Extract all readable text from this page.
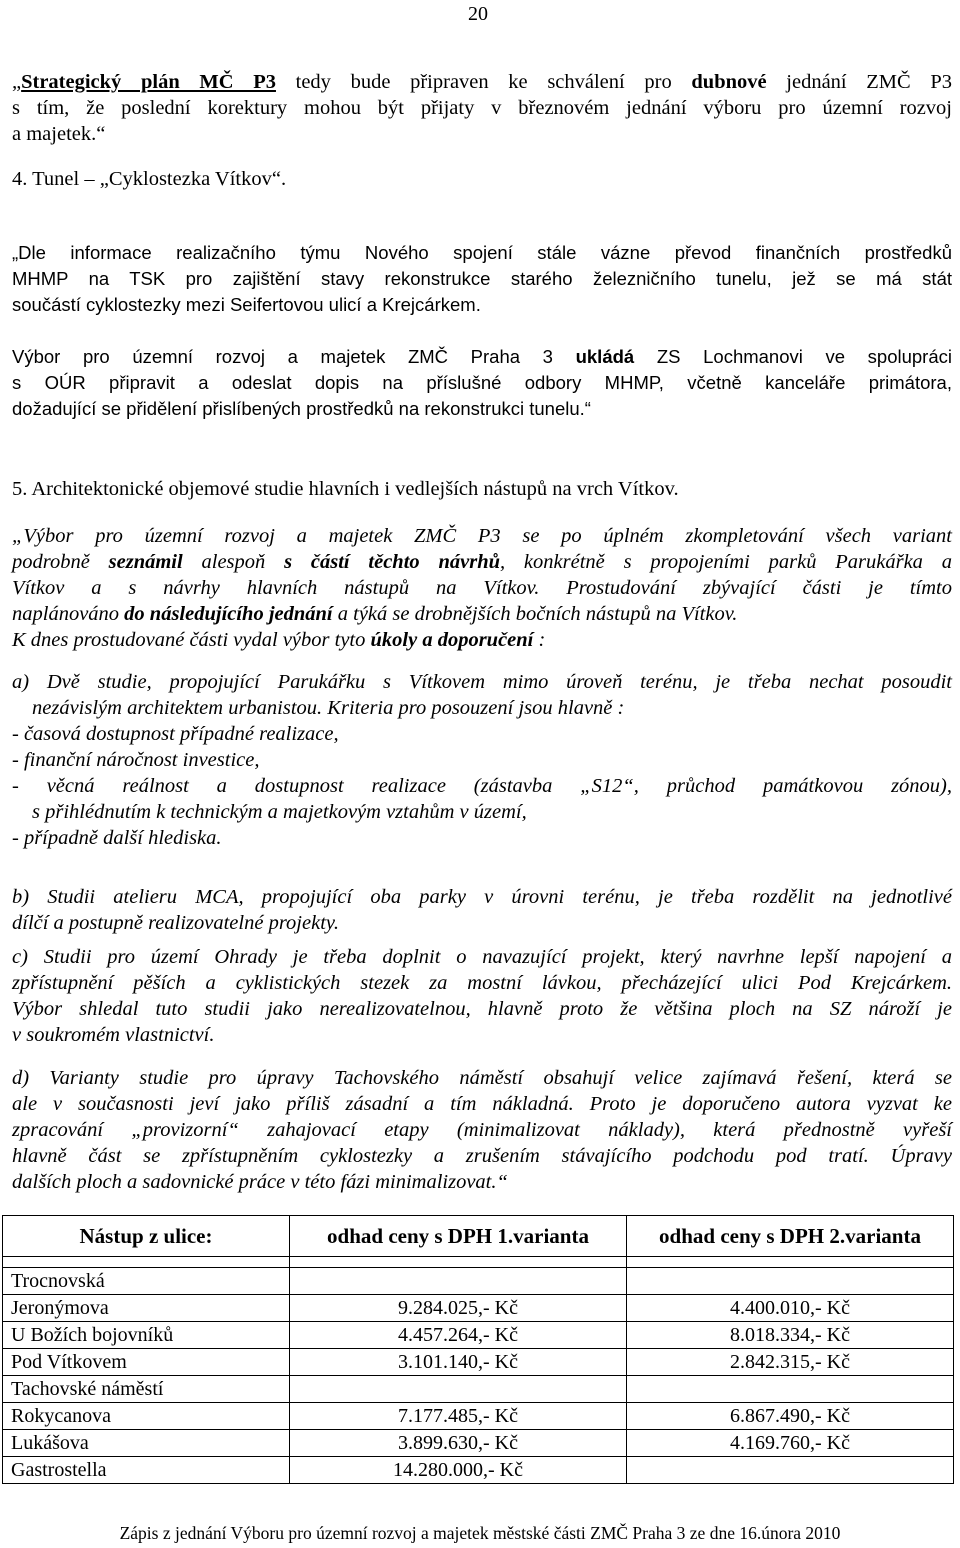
20

„Strategický plán MČ P3 tedy bude připraven ke schválení pro dubnové jednání ZMČ P3

s tím, že poslední korektury mohou být přijaty v březnovém jednání výboru pro územní rozvoj

a majetek.“

4. Tunel – „Cyklostezka Vítkov“.

„Dle informace realizačního týmu Nového spojení stále vázne převod finančních prostředků

MHMP na TSK pro zajištění stavy rekonstrukce starého železničního tunelu, jež se má stát

součástí cyklostezky mezi Seifertovou ulicí a Krejcárkem.

Výbor pro územní rozvoj a majetek ZMČ Praha 3 ukládá ZS Lochmanovi ve spolupráci

s OÚR připravit a odeslat dopis na příslušné odbory MHMP, včetně kanceláře primátora,

dožadující se přidělení přislíbených prostředků na rekonstrukci tunelu.“

5. Architektonické objemové studie hlavních i vedlejších nástupů na vrch Vítkov.

„Výbor pro územní rozvoj a majetek ZMČ P3 se po úplném zkompletování všech variant

podrobně seznámil alespoň s částí těchto návrhů, konkrétně s propojeními parků Parukářka a

Vítkov a s návrhy hlavních nástupů na Vítkov. Prostudování zbývající části je tímto

naplánováno do následujícího jednání a týká se drobnějších bočních nástupů na Vítkov.

K dnes prostudované části vydal výbor tyto úkoly a doporučení :

a) Dvě studie, propojující Parukářku s Vítkovem mimo úroveň terénu, je třeba nechat posoudit

nezávislým architektem urbanistou. Kriteria pro posouzení jsou hlavně :

- časová dostupnost případné realizace,

- finanční náročnost investice,

- věcná reálnost a dostupnost realizace (zástavba „S12“, průchod památkovou zónou),

s přihlédnutím k technickým a majetkovým vztahům v území,

- případně další hlediska.

b) Studii atelieru MCA, propojující oba parky v úrovni terénu, je třeba rozdělit na jednotlivé

dílčí a postupně realizovatelné projekty.

c) Studii pro území Ohrady je třeba doplnit o navazující projekt, který navrhne lepší napojení a

zpřístupnění pěších a cyklistických stezek za mostní lávkou, přecházející ulici Pod Krejcárkem.

Výbor shledal tuto studii jako nerealizovatelnou, hlavně proto že většina ploch na SZ nároží je

v soukromém vlastnictví.

d) Varianty studie pro úpravy Tachovského náměstí obsahují velice zajímavá řešení, která se

ale v současnosti jeví jako příliš zásadní a tím nákladná. Proto je doporučeno autora vyzvat ke

zpracování „provizorní“ zahajovací etapy (minimalizovat náklady), která přednostně vyřeší

hlavně část se zpřístupněním cyklostezky a zrušením stávajícího podchodu pod tratí. Úpravy

dalších ploch a sadovnické práce v této fázi minimalizovat.“

Nástup z ulice:	odhad ceny s DPH 1.varianta	odhad ceny s DPH 2.varianta

Trocnovská		
Jeronýmova	9.284.025,- Kč	4.400.010,- Kč
U Božích bojovníků	4.457.264,- Kč	8.018.334,- Kč
Pod Vítkovem	3.101.140,- Kč	2.842.315,- Kč
Tachovské náměstí		
Rokycanova	7.177.485,- Kč	6.867.490,- Kč
Lukášova	3.899.630,- Kč	4.169.760,- Kč
Gastrostella	14.280.000,- Kč	
Zápis z jednání Výboru pro územní rozvoj a majetek městské části ZMČ Praha 3 ze dne 16.února 2010
